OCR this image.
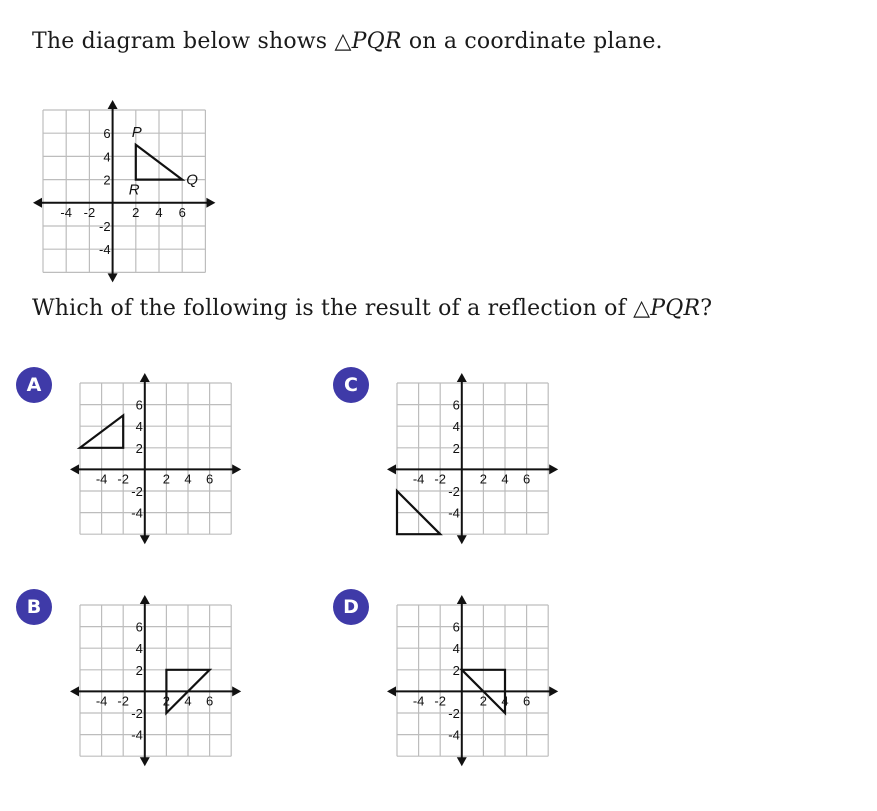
The diagram below shows △PQR on a coordinate plane.
-4 -2	2 4 6
6
4
2
-2
-4
P
Q
R
Which of the following is the result of a reflection of △PQR?
A
-4 -2	2 4 6
6
4
2
-2
-4
C
-4 -2	2 4 6
6
4
2
-2
-4
B
-4 -2	2 4 6
6
4
2
-2
-4
D
-4 -2	2 4 6
6
4
2
-2
-4
